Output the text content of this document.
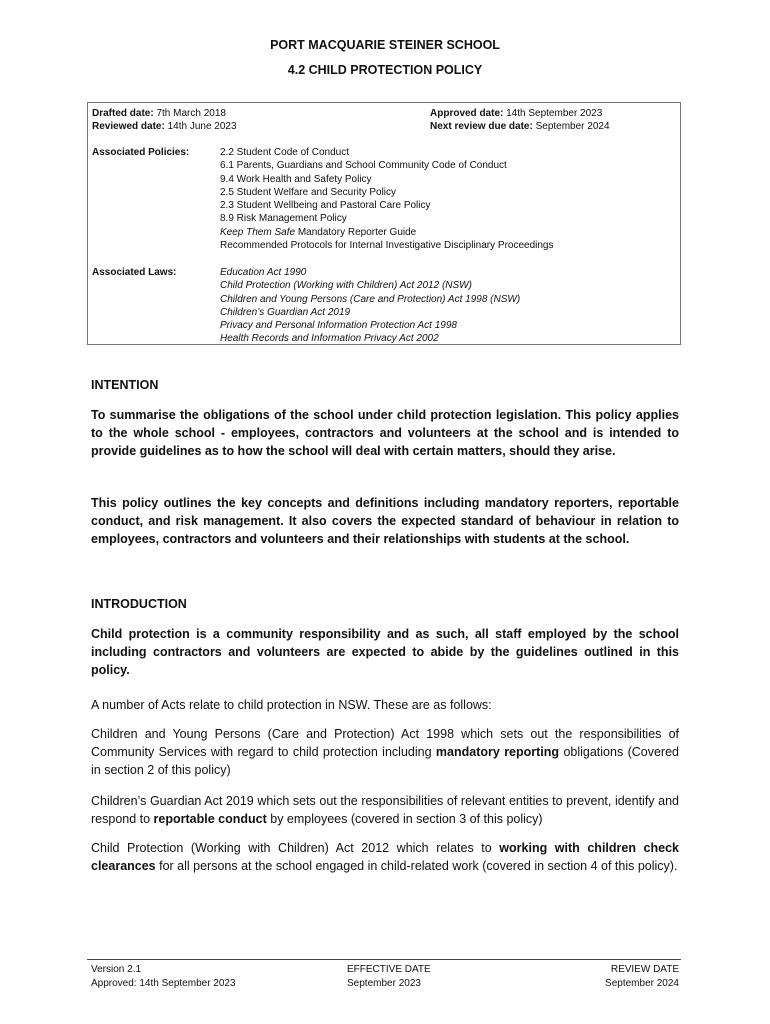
PORT MACQUARIE STEINER SCHOOL
4.2 CHILD PROTECTION POLICY
Drafted date: 7th March 2018
Reviewed date: 14th June 2023
Approved date: 14th September 2023
Next review due date: September 2024
Associated Policies:	2.2 Student Code of Conduct
6.1 Parents, Guardians and School Community Code of Conduct
9.4 Work Health and Safety Policy
2.5 Student Welfare and Security Policy
2.3 Student Wellbeing and Pastoral Care Policy
8.9 Risk Management Policy
Keep Them Safe Mandatory Reporter Guide
Recommended Protocols for Internal Investigative Disciplinary Proceedings
Associated Laws:	Education Act 1990
Child Protection (Working with Children) Act 2012 (NSW)
Children and Young Persons (Care and Protection) Act 1998 (NSW)
Children’s Guardian Act 2019
Privacy and Personal Information Protection Act 1998
Health Records and Information Privacy Act 2002
INTENTION

To summarise the obligations of the school under child protection legislation. This policy applies to the whole school - employees, contractors and volunteers at the school and is intended to provide guidelines as to how the school will deal with certain matters, should they arise.

This policy outlines the key concepts and definitions including mandatory reporters, reportable conduct, and risk management. It also covers the expected standard of behaviour in relation to employees, contractors and volunteers and their relationships with students at the school.

INTRODUCTION

Child protection is a community responsibility and as such, all staff employed by the school including contractors and volunteers are expected to abide by the guidelines outlined in this policy.

A number of Acts relate to child protection in NSW. These are as follows:

Children and Young Persons (Care and Protection) Act 1998 which sets out the responsibilities of Community Services with regard to child protection including mandatory reporting obligations (Covered in section 2 of this policy)

Children’s Guardian Act 2019 which sets out the responsibilities of relevant entities to prevent, identify and respond to reportable conduct by employees (covered in section 3 of this policy)

Child Protection (Working with Children) Act 2012 which relates to working with children check clearances for all persons at the school engaged in child-related work (covered in section 4 of this policy).

Version 2.1
Approved: 14th September 2023
EFFECTIVE DATE
September 2023
REVIEW DATE
September 2024
